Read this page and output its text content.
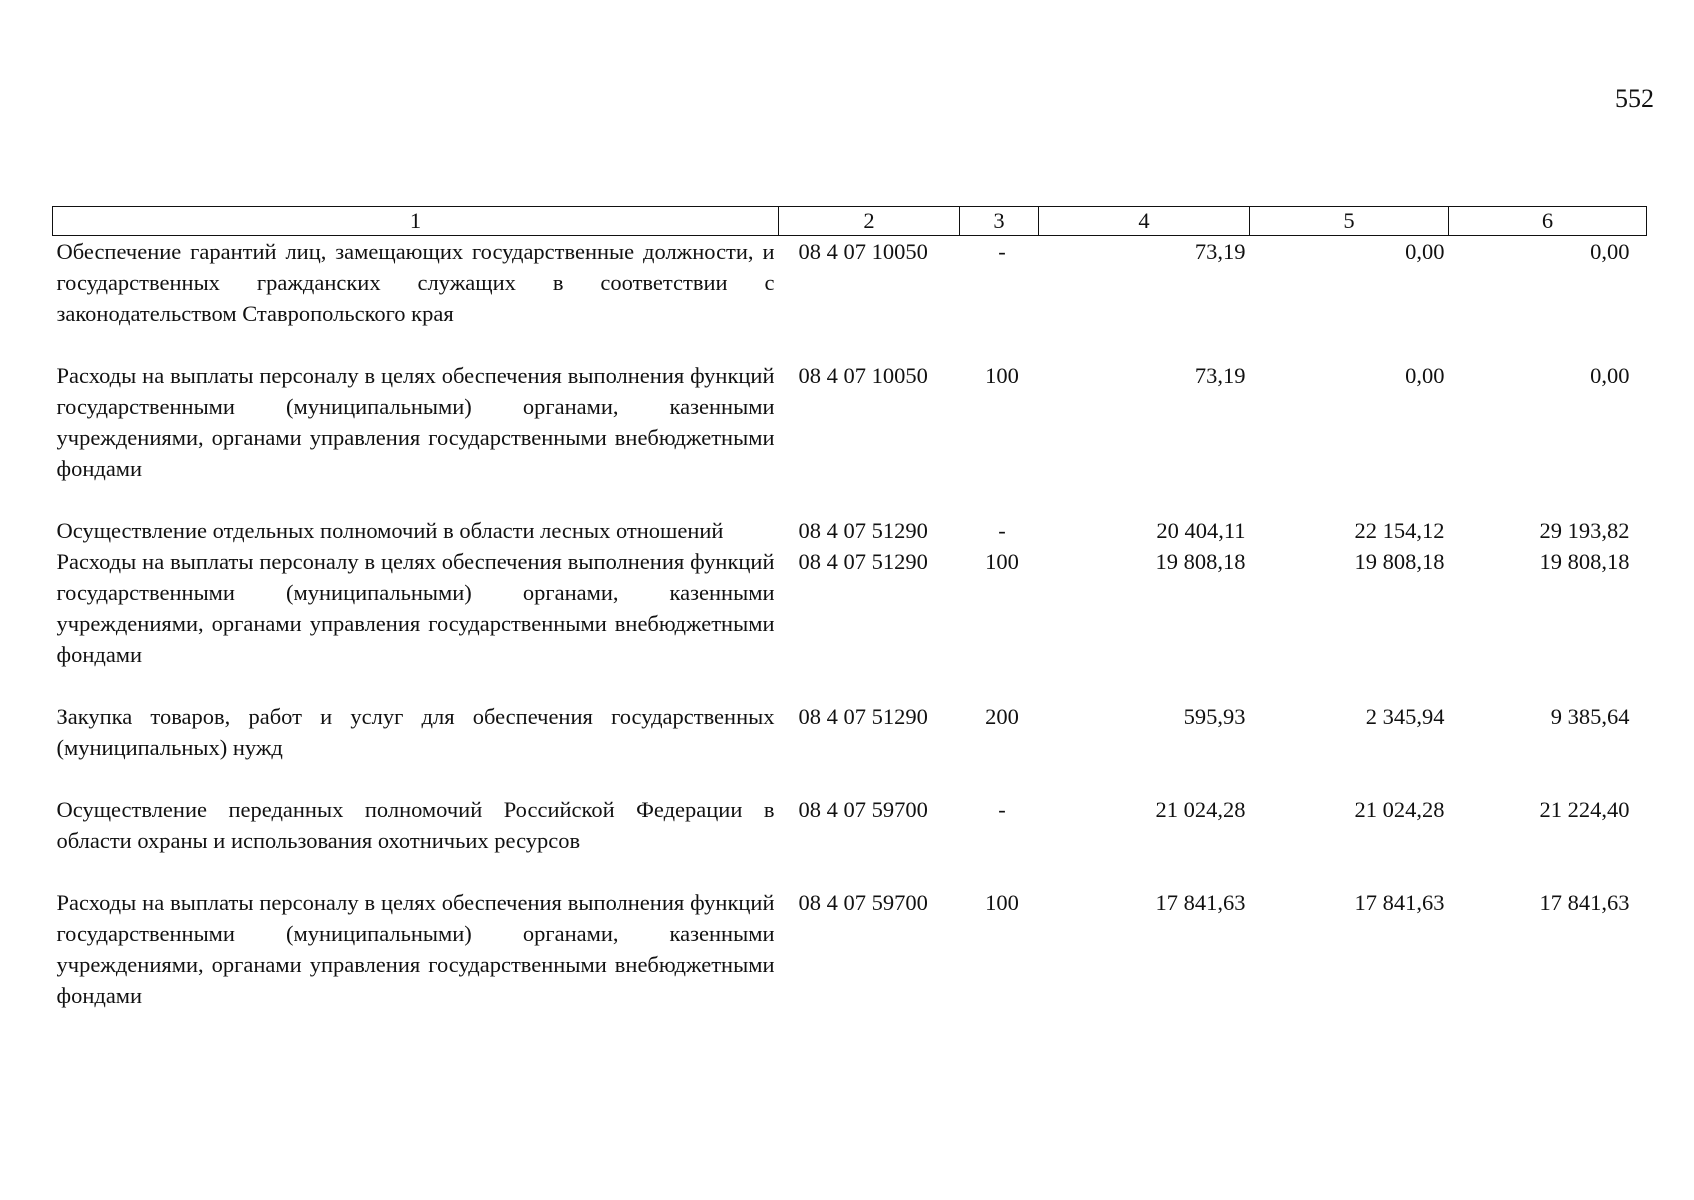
552
1	2	3	4	5	6
Обеспечение гарантий лиц, замещающих государственные должности, и государственных гражданских служащих в соответствии с законодательством Ставропольского края	08 4 07 10050	-	73,19	0,00	0,00
Расходы на выплаты персоналу в целях обеспечения выполнения функций государственными (муниципальными) органами, казенными учреждениями, органами управления государственными внебюджетными фондами	08 4 07 10050	100	73,19	0,00	0,00
Осуществление отдельных полномочий в области лесных отношений	08 4 07 51290	-	20 404,11	22 154,12	29 193,82
Расходы на выплаты персоналу в целях обеспечения выполнения функций государственными (муниципальными) органами, казенными учреждениями, органами управления государственными внебюджетными фондами	08 4 07 51290	100	19 808,18	19 808,18	19 808,18
Закупка товаров, работ и услуг для обеспечения государственных (муниципальных) нужд	08 4 07 51290	200	595,93	2 345,94	9 385,64
Осуществление переданных полномочий Российской Федерации в области охраны и использования охотничьих ресурсов	08 4 07 59700	-	21 024,28	21 024,28	21 224,40
Расходы на выплаты персоналу в целях обеспечения выполнения функций государственными (муниципальными) органами, казенными учреждениями, органами управления государственными внебюджетными фондами	08 4 07 59700	100	17 841,63	17 841,63	17 841,63
